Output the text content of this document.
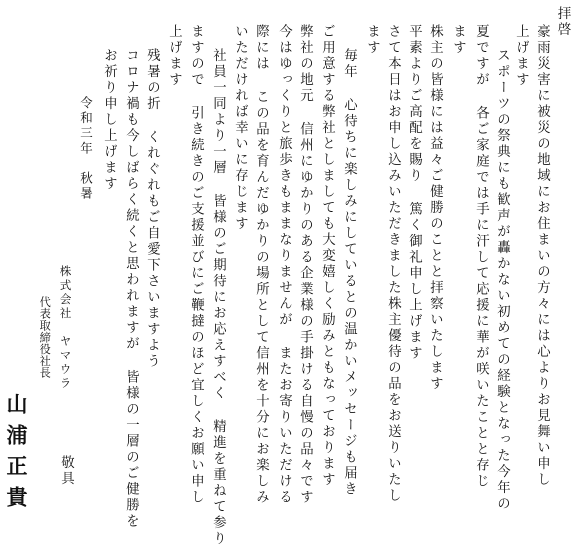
拝啓
豪雨災害に被災の地域にお住まいの方々には心よりお見舞い申し
上げます
スポーツの祭典にも歓声が轟かない初めての経験となった今年の
夏ですが 各ご家庭では手に汗して応援に華が咲いたことと存じ
ます
株主の皆様には益々ご健勝のことと拝察いたします
平素よりご高配を賜り 篤く御礼申し上げます
さて本日はお申し込みいただきました株主優待の品をお送りいたし
ます
毎年 心待ちに楽しみにしているとの温かいメッセージも届き
ご用意する弊社としましても大変嬉しく励みともなっております
弊社の地元 信州にゆかりのある企業様の手掛ける自慢の品々です
今はゆっくりと旅歩きもままなりませんが またお寄りいただける
際には この品を育んだゆかりの場所として信州を十分にお楽しみ
いただければ幸いに存じます
社員一同より一層 皆様のご期待にお応えすべく 精進を重ねて参り
ますので 引き続きのご支援並びにご鞭撻のほど宜しくお願い申し
上げます
残暑の折 くれぐれもご自愛下さいますよう
コロナ禍も今しばらく続くと思われますが 皆様の一層のご健勝を
お祈り申し上げます
令和三年　秋暑
株式会社　ヤマウラ
代表取締役社長
山浦正貴 敬具
